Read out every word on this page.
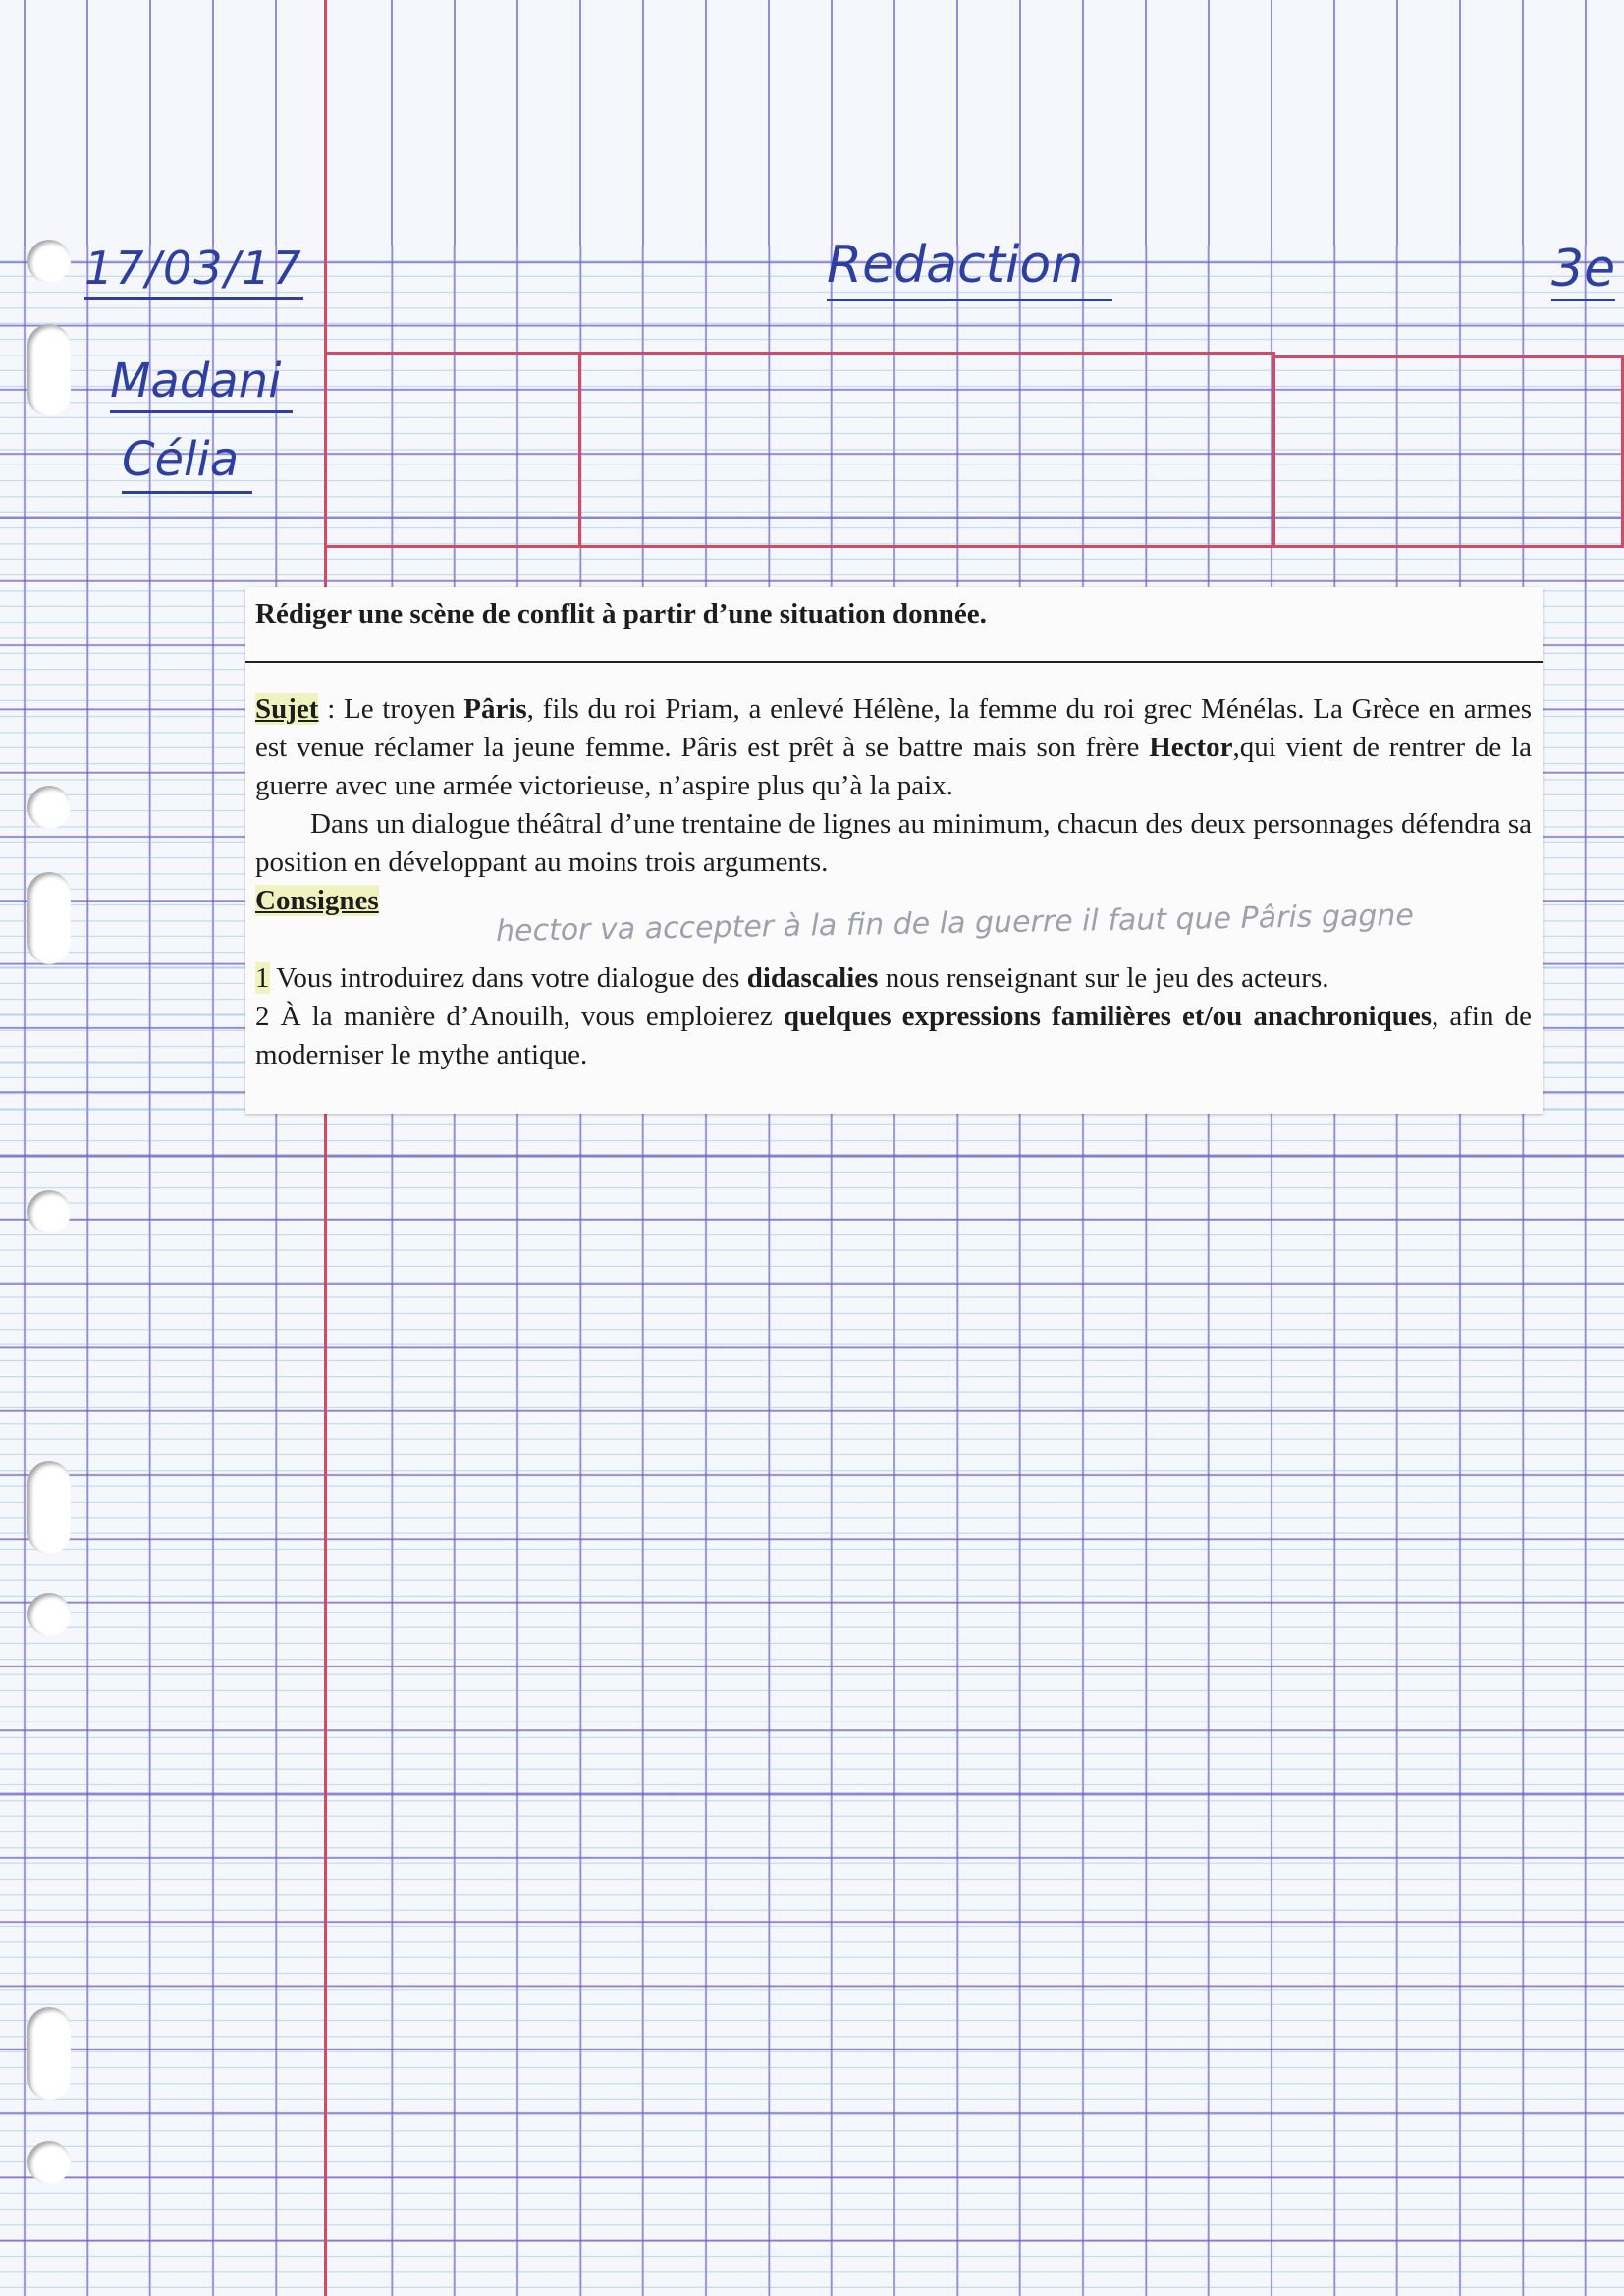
17/03/17	Redaction	3e
Madani
Célia
Rédiger une scène de conflit à partir d’une situation donnée.

Sujet : Le troyen Pâris, fils du roi Priam, a enlevé Hélène, la femme du roi grec Ménélas. La Grèce en armes est venue réclamer la jeune femme. Pâris est prêt à se battre mais son frère Hector,qui vient de rentrer de la guerre avec une armée victorieuse, n’aspire plus qu’à la paix.

Dans un dialogue théâtral d’une trentaine de lignes au minimum, chacun des deux personnages défendra sa position en développant au moins trois arguments.

Consignes	hector va accepter à la fin de la guerre il faut que Pâris gagne

1 Vous introduirez dans votre dialogue des didascalies nous renseignant sur le jeu des acteurs.

2 À la manière d’Anouilh, vous emploierez quelques expressions familières et/ou anachroniques, afin de moderniser le mythe antique.
